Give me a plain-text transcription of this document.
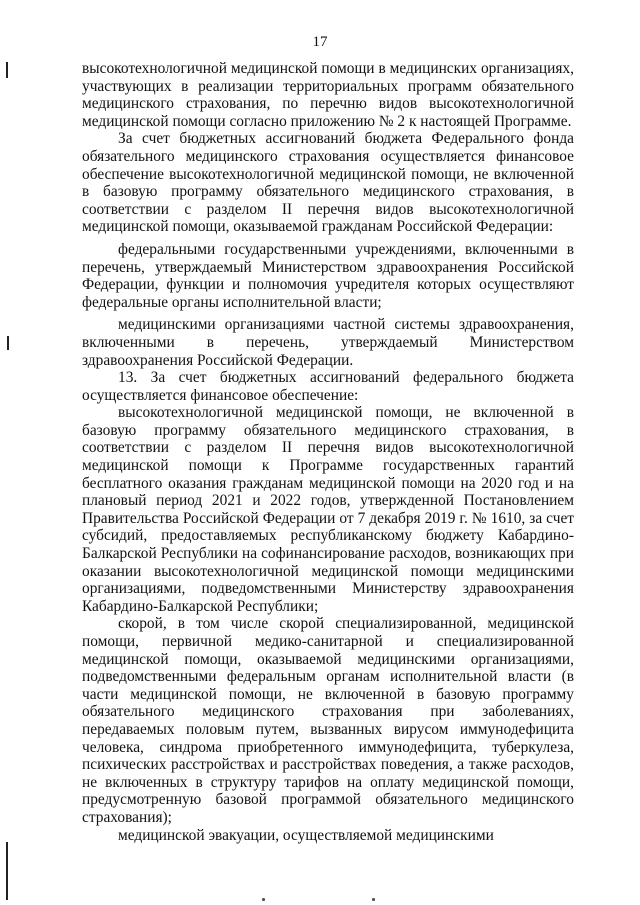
17

высокотехнологичной медицинской помощи в медицинских организациях, участвующих в реализации территориальных программ обязательного медицинского страхования, по перечню видов высокотехнологичной медицинской помощи согласно приложению № 2 к настоящей Программе.

За счет бюджетных ассигнований бюджета Федерального фонда обязательного медицинского страхования осуществляется финансовое обеспечение высокотехнологичной медицинской помощи, не включенной в базовую программу обязательного медицинского страхования, в соответствии с разделом II перечня видов высокотехнологичной медицинской помощи, оказываемой гражданам Российской Федерации:

федеральными государственными учреждениями, включенными в перечень, утверждаемый Министерством здравоохранения Российской Федерации, функции и полномочия учредителя которых осуществляют федеральные органы исполнительной власти;

медицинскими организациями частной системы здравоохранения, включенными в перечень, утверждаемый Министерством здравоохранения Российской Федерации.

13. За счет бюджетных ассигнований федерального бюджета осуществляется финансовое обеспечение:

высокотехнологичной медицинской помощи, не включенной в базовую программу обязательного медицинского страхования, в соответствии с разделом II перечня видов высокотехнологичной медицинской помощи к Программе государственных гарантий бесплатного оказания гражданам медицинской помощи на 2020 год и на плановый период 2021 и 2022 годов, утвержденной Постановлением Правительства Российской Федерации от 7 декабря 2019 г. № 1610, за счет субсидий, предоставляемых республиканскому бюджету Кабардино-Балкарской Республики на софинансирование расходов, возникающих при оказании высокотехнологичной медицинской помощи медицинскими организациями, подведомственными Министерству здравоохранения Кабардино-Балкарской Республики;

скорой, в том числе скорой специализированной, медицинской помощи, первичной медико-санитарной и специализированной медицинской помощи, оказываемой медицинскими организациями, подведомственными федеральным органам исполнительной власти (в части медицинской помощи, не включенной в базовую программу обязательного медицинского страхования при заболеваниях, передаваемых половым путем, вызванных вирусом иммунодефицита человека, синдрома приобретенного иммунодефицита, туберкулеза, психических расстройствах и расстройствах поведения, а также расходов, не включенных в структуру тарифов на оплату медицинской помощи, предусмотренную базовой программой обязательного медицинского страхования);

медицинской эвакуации, осуществляемой медицинскими
